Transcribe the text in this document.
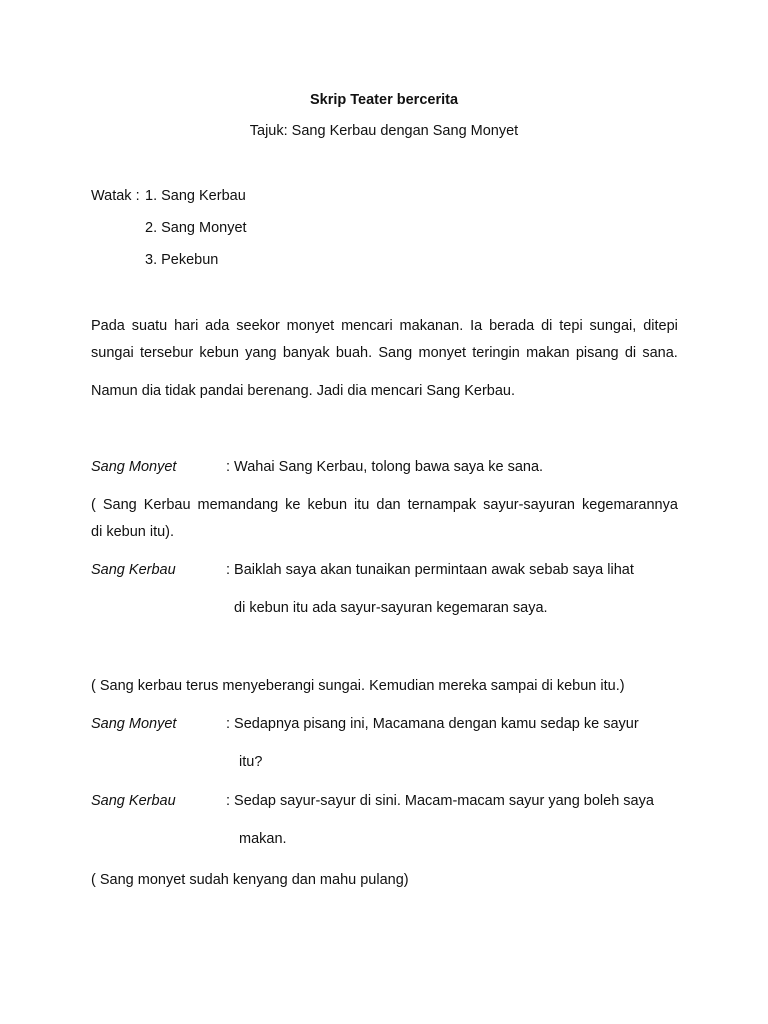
Skrip Teater bercerita
Tajuk: Sang Kerbau dengan Sang Monyet
Watak : 1. Sang Kerbau
2. Sang Monyet
3. Pekebun
Pada suatu hari ada seekor monyet mencari makanan. Ia berada di tepi sungai, ditepi
sungai tersebur kebun yang banyak buah. Sang monyet teringin makan pisang di sana.
Namun dia tidak pandai berenang. Jadi dia mencari Sang Kerbau.
Sang Monyet	: Wahai Sang Kerbau, tolong bawa saya ke sana.
( Sang Kerbau memandang ke kebun itu dan ternampak sayur-sayuran kegemarannya
di kebun itu).
Sang Kerbau	: Baiklah saya akan tunaikan permintaan awak sebab saya lihat
di kebun itu ada sayur-sayuran kegemaran saya.
( Sang kerbau terus menyeberangi sungai. Kemudian mereka sampai di kebun itu.)
Sang Monyet	: Sedapnya pisang ini, Macamana dengan kamu sedap ke sayur
itu?
Sang Kerbau	: Sedap sayur-sayur di sini. Macam-macam sayur yang boleh saya
makan.
( Sang monyet sudah kenyang dan mahu pulang)
